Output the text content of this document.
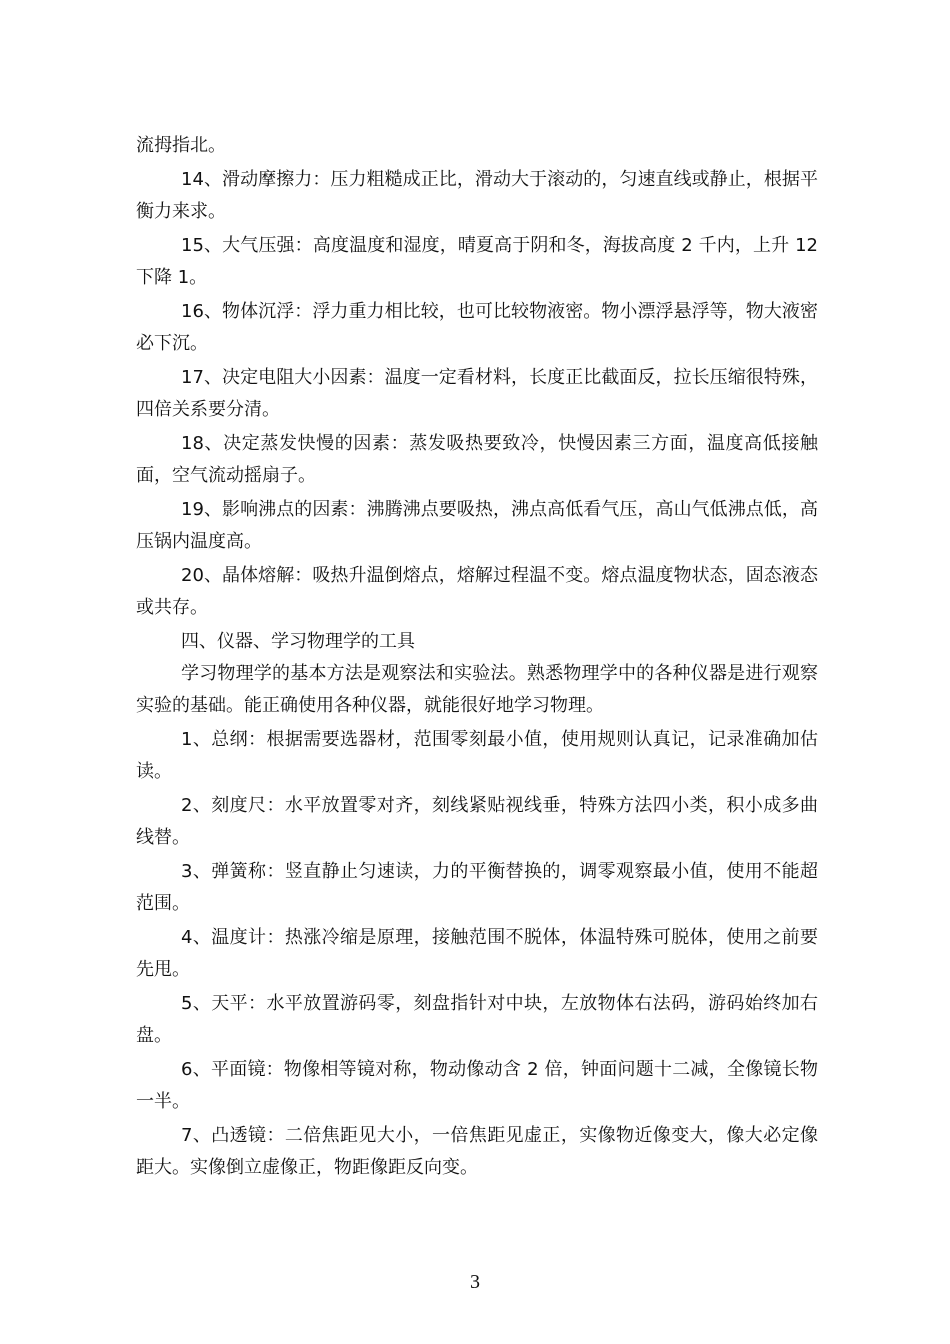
流拇指北。

14、滑动摩擦力：压力粗糙成正比，滑动大于滚动的，匀速直线或静止，根据平衡力来求。

15、大气压强：高度温度和湿度，晴夏高于阴和冬，海拔高度 2 千内，上升 12 下降 1。

16、物体沉浮：浮力重力相比较，也可比较物液密。物小漂浮悬浮等，物大液密必下沉。

17、决定电阻大小因素：温度一定看材料，长度正比截面反，拉长压缩很特殊，四倍关系要分清。

18、决定蒸发快慢的因素：蒸发吸热要致冷，快慢因素三方面，温度高低接触面，空气流动摇扇子。

19、影响沸点的因素：沸腾沸点要吸热，沸点高低看气压，高山气低沸点低，高压锅内温度高。

20、晶体熔解：吸热升温倒熔点，熔解过程温不变。熔点温度物状态，固态液态或共存。

四、仪器、学习物理学的工具

学习物理学的基本方法是观察法和实验法。熟悉物理学中的各种仪器是进行观察实验的基础。能正确使用各种仪器，就能很好地学习物理。

1、总纲：根据需要选器材，范围零刻最小值，使用规则认真记，记录准确加估读。

2、刻度尺：水平放置零对齐，刻线紧贴视线垂，特殊方法四小类，积小成多曲线替。

3、弹簧称：竖直静止匀速读，力的平衡替换的，调零观察最小值，使用不能超范围。

4、温度计：热涨冷缩是原理，接触范围不脱体，体温特殊可脱体，使用之前要先甩。

5、天平：水平放置游码零，刻盘指针对中块，左放物体右法码，游码始终加右盘。

6、平面镜：物像相等镜对称，物动像动含 2 倍，钟面问题十二减，全像镜长物一半。

7、凸透镜：二倍焦距见大小，一倍焦距见虚正，实像物近像变大，像大必定像距大。实像倒立虚像正，物距像距反向变。

3
